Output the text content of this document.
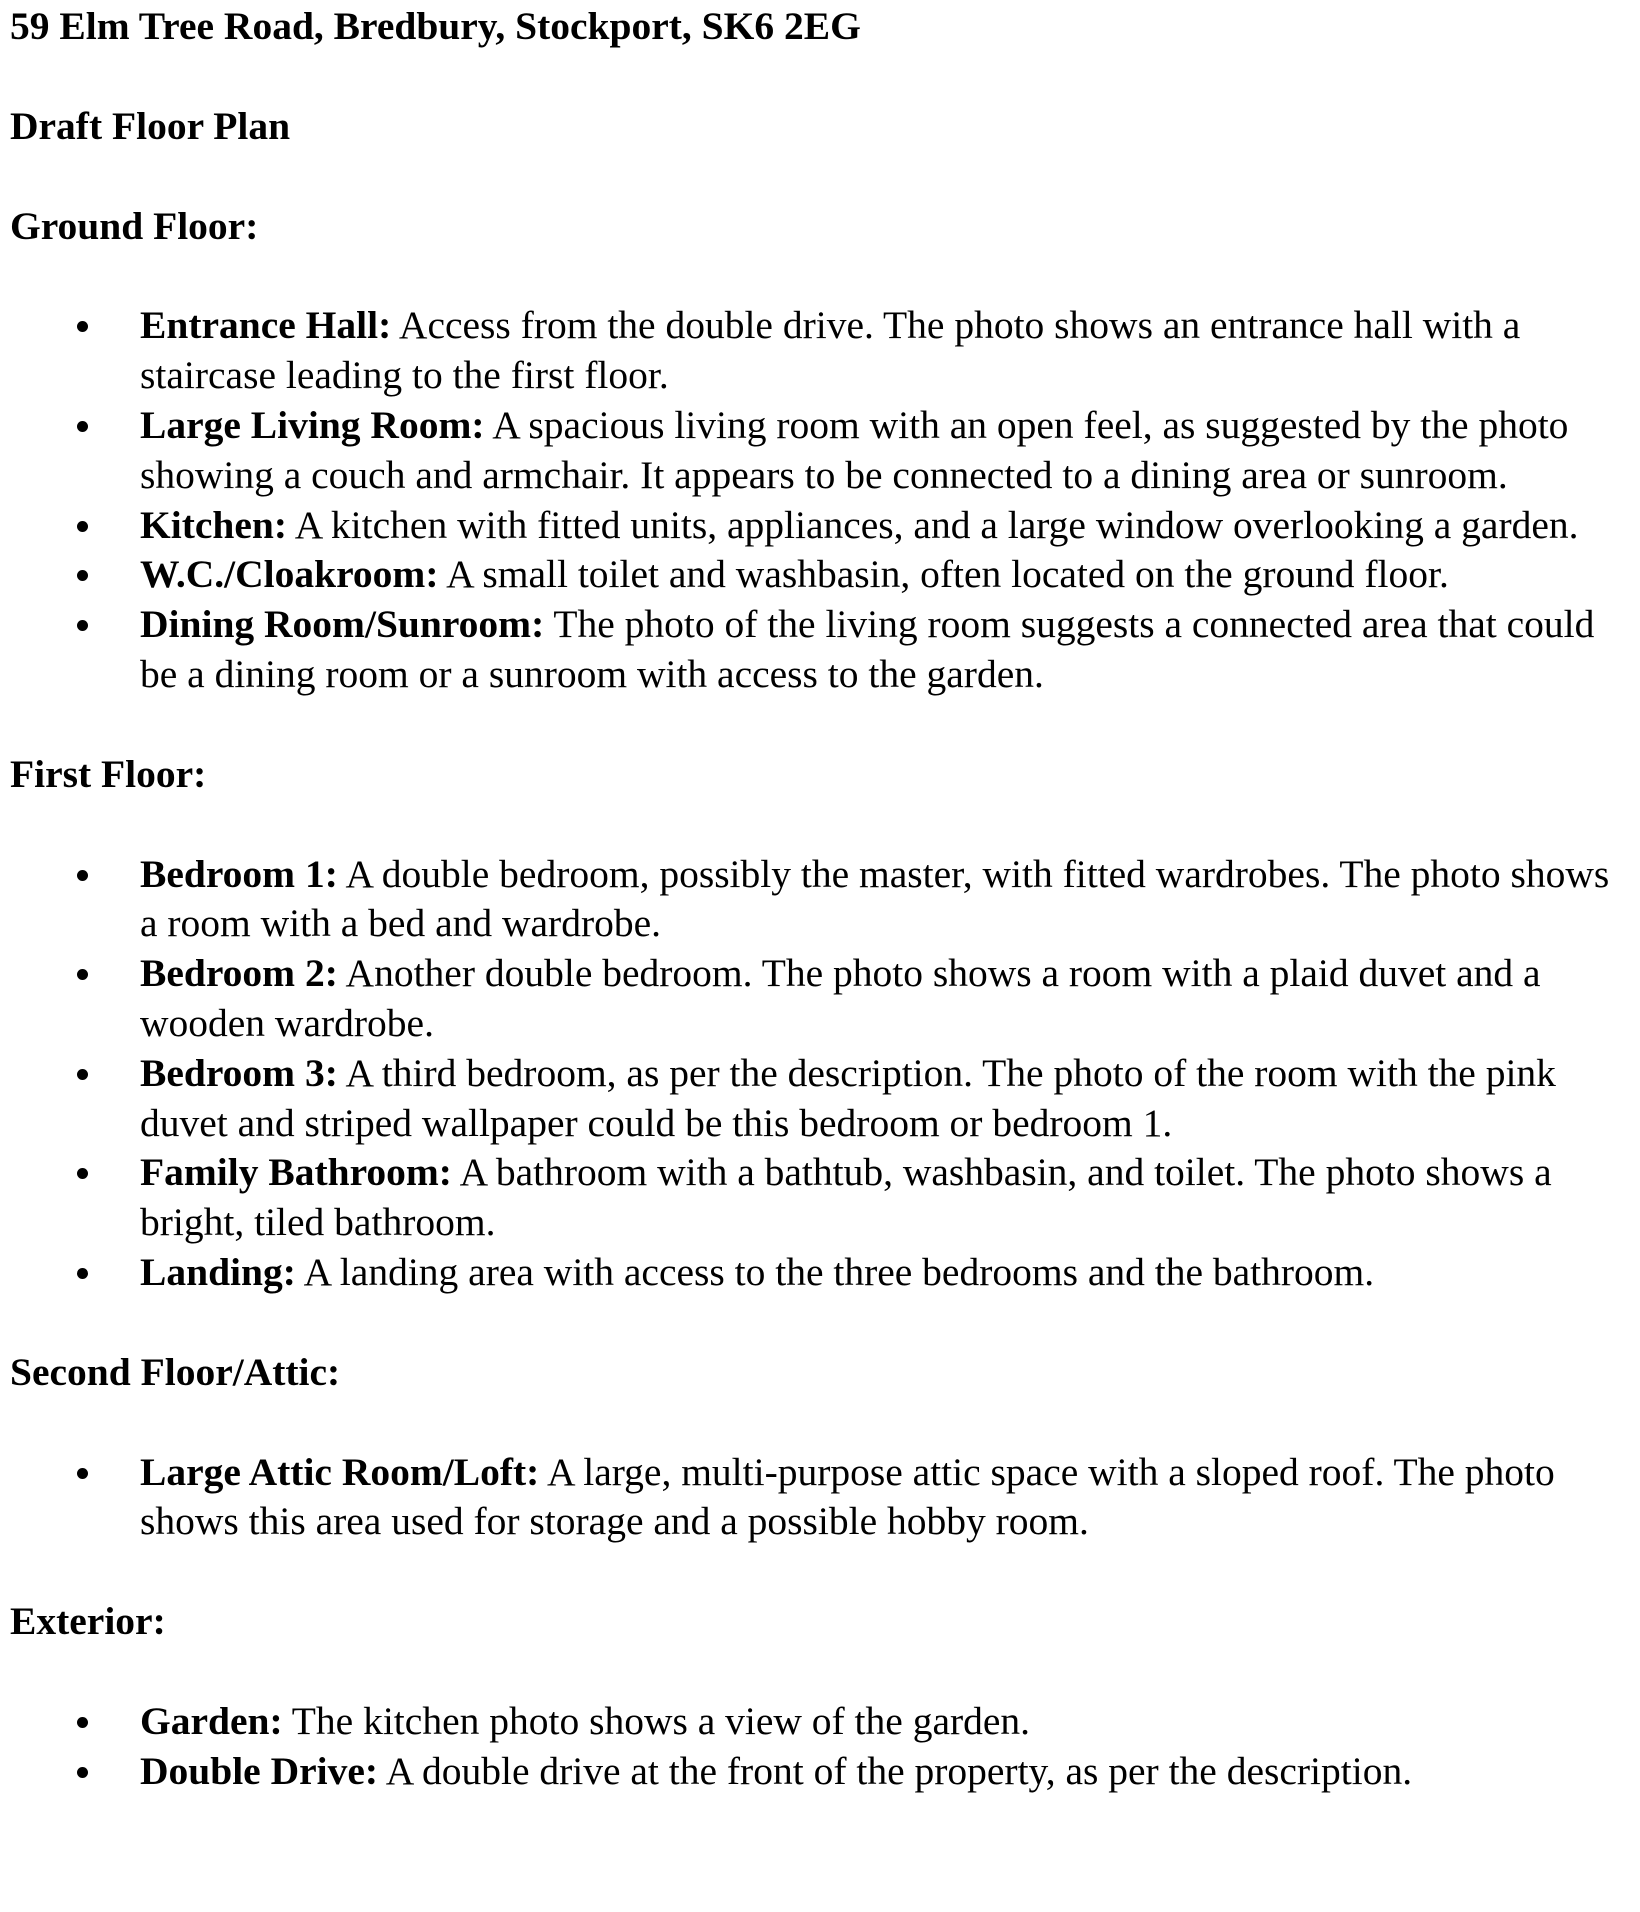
59 Elm Tree Road, Bredbury, Stockport, SK6 2EG
Draft Floor Plan
Ground Floor:
Entrance Hall: Access from the double drive. The photo shows an entrance hall with a staircase leading to the first floor.
Large Living Room: A spacious living room with an open feel, as suggested by the photo showing a couch and armchair. It appears to be connected to a dining area or sunroom.
Kitchen: A kitchen with fitted units, appliances, and a large window overlooking a garden.
W.C./Cloakroom: A small toilet and washbasin, often located on the ground floor.
Dining Room/Sunroom: The photo of the living room suggests a connected area that could be a dining room or a sunroom with access to the garden.
First Floor:
Bedroom 1: A double bedroom, possibly the master, with fitted wardrobes. The photo shows a room with a bed and wardrobe.
Bedroom 2: Another double bedroom. The photo shows a room with a plaid duvet and a wooden wardrobe.
Bedroom 3: A third bedroom, as per the description. The photo of the room with the pink duvet and striped wallpaper could be this bedroom or bedroom 1.
Family Bathroom: A bathroom with a bathtub, washbasin, and toilet. The photo shows a bright, tiled bathroom.
Landing: A landing area with access to the three bedrooms and the bathroom.
Second Floor/Attic:
Large Attic Room/Loft: A large, multi-purpose attic space with a sloped roof. The photo shows this area used for storage and a possible hobby room.
Exterior:
Garden: The kitchen photo shows a view of the garden.
Double Drive: A double drive at the front of the property, as per the description.
